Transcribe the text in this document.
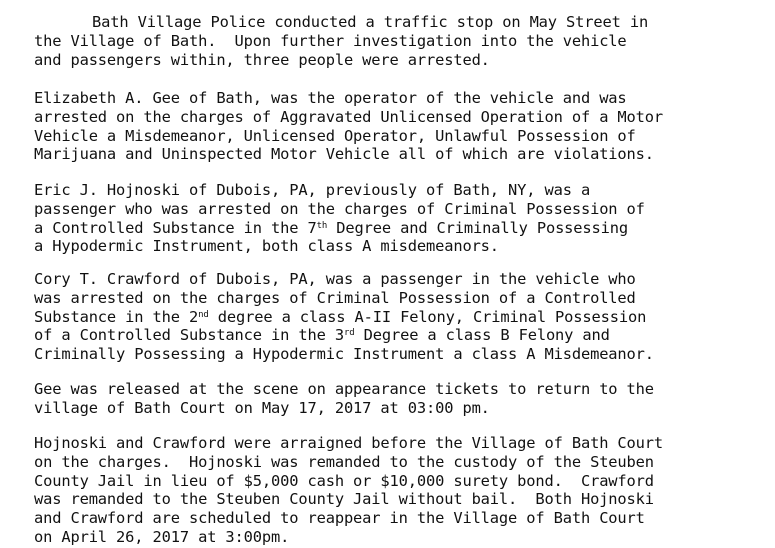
Bath Village Police conducted a traffic stop on May Street in
the Village of Bath.  Upon further investigation into the vehicle
and passengers within, three people were arrested.

Elizabeth A. Gee of Bath, was the operator of the vehicle and was
arrested on the charges of Aggravated Unlicensed Operation of a Motor
Vehicle a Misdemeanor, Unlicensed Operator, Unlawful Possession of
Marijuana and Uninspected Motor Vehicle all of which are violations.

Eric J. Hojnoski of Dubois, PA, previously of Bath, NY, was a
passenger who was arrested on the charges of Criminal Possession of
a Controlled Substance in the 7th Degree and Criminally Possessing
a Hypodermic Instrument, both class A misdemeanors.

Cory T. Crawford of Dubois, PA, was a passenger in the vehicle who
was arrested on the charges of Criminal Possession of a Controlled
Substance in the 2nd degree a class A-II Felony, Criminal Possession
of a Controlled Substance in the 3rd Degree a class B Felony and
Criminally Possessing a Hypodermic Instrument a class A Misdemeanor.

Gee was released at the scene on appearance tickets to return to the
village of Bath Court on May 17, 2017 at 03:00 pm.

Hojnoski and Crawford were arraigned before the Village of Bath Court
on the charges.  Hojnoski was remanded to the custody of the Steuben
County Jail in lieu of $5,000 cash or $10,000 surety bond.  Crawford
was remanded to the Steuben County Jail without bail.  Both Hojnoski
and Crawford are scheduled to reappear in the Village of Bath Court
on April 26, 2017 at 3:00pm.
